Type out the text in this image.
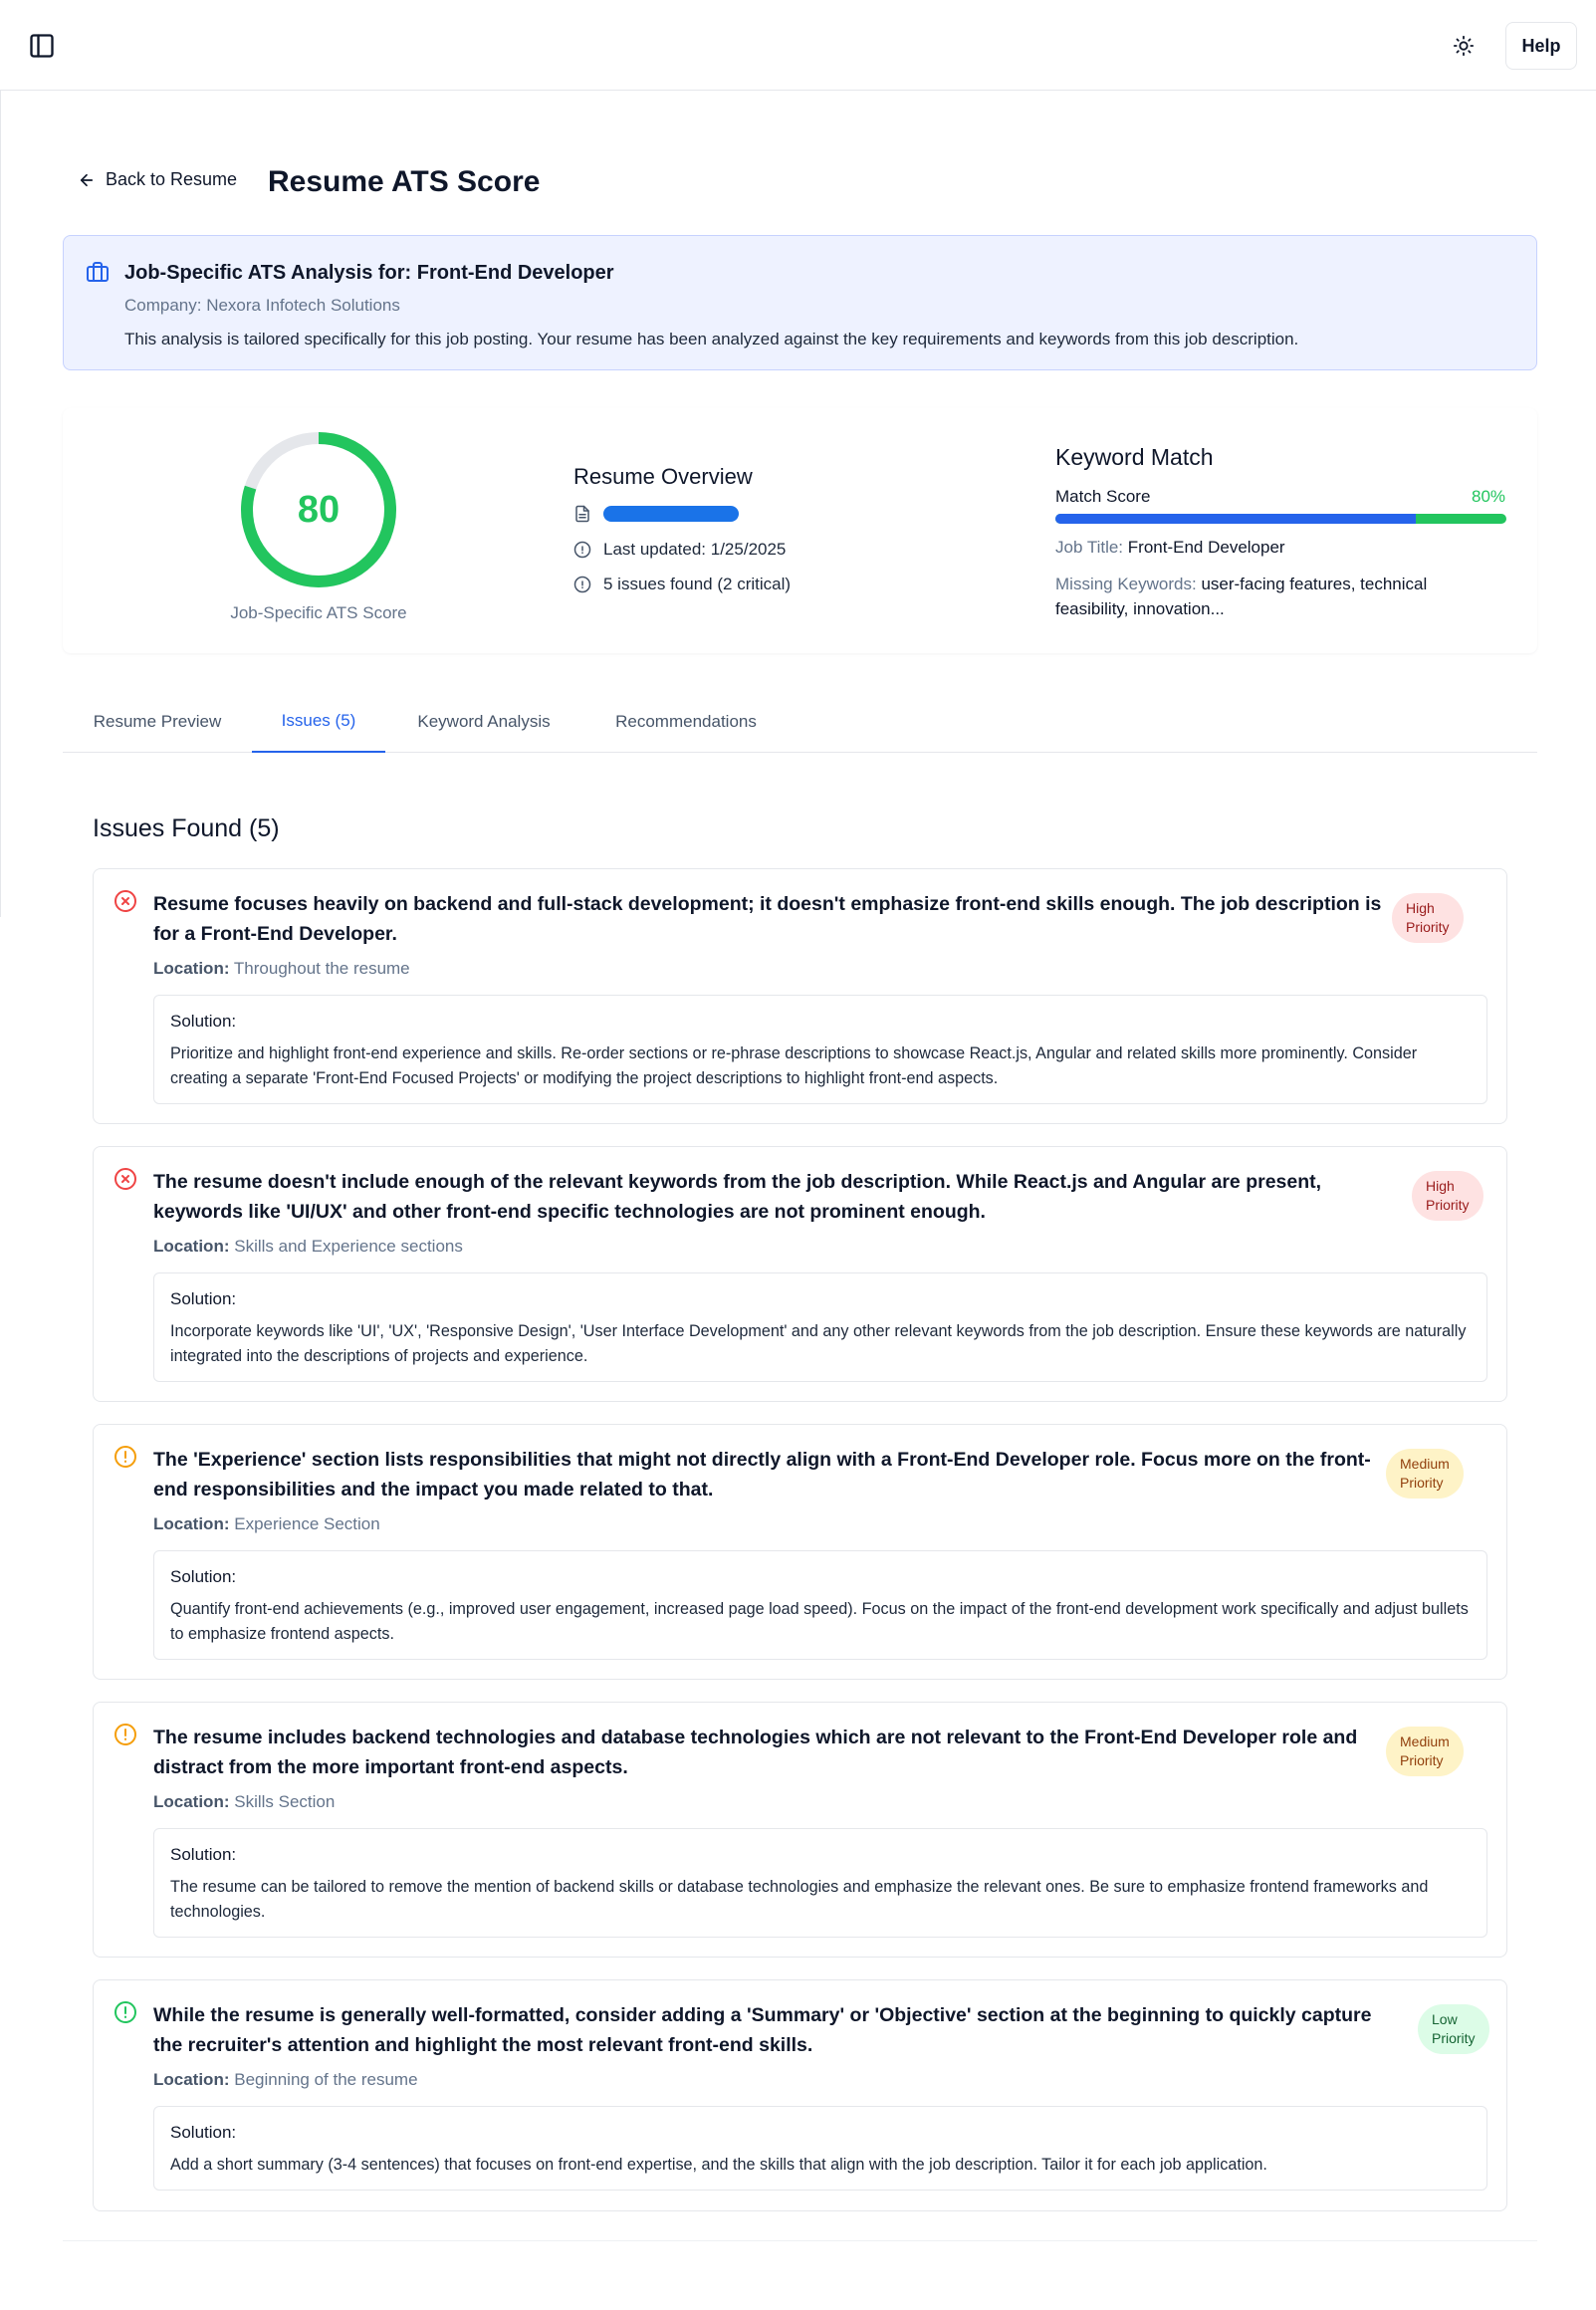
Help
Back to Resume Resume ATS Score
Job-Specific ATS Analysis for: Front-End Developer
Company: Nexora Infotech Solutions
This analysis is tailored specifically for this job posting. Your resume has been analyzed against the key requirements and keywords from this job description.
80
Job-Specific ATS Score
Resume Overview
Last updated: 1/25/2025
5 issues found (2 critical)
Keyword Match
Match Score	80%
Job Title: Front-End Developer
Missing Keywords: user-facing features, technical feasibility, innovation...
Resume Preview	Issues (5)	Keyword Analysis	Recommendations
Issues Found (5)
Resume focuses heavily on backend and full-stack development; it doesn't emphasize front-end skills enough. The job description is for a Front-End Developer.
High
Priority
Location: Throughout the resume
Solution:
Prioritize and highlight front-end experience and skills. Re-order sections or re-phrase descriptions to showcase React.js, Angular and related skills more prominently. Consider creating a separate 'Front-End Focused Projects' or modifying the project descriptions to highlight front-end aspects.
The resume doesn't include enough of the relevant keywords from the job description. While React.js and Angular are present, keywords like 'UI/UX' and other front-end specific technologies are not prominent enough.
High
Priority
Location: Skills and Experience sections
Solution:
Incorporate keywords like 'UI', 'UX', 'Responsive Design', 'User Interface Development' and any other relevant keywords from the job description. Ensure these keywords are naturally integrated into the descriptions of projects and experience.
The 'Experience' section lists responsibilities that might not directly align with a Front-End Developer role. Focus more on the front-end responsibilities and the impact you made related to that.
Medium
Priority
Location: Experience Section
Solution:
Quantify front-end achievements (e.g., improved user engagement, increased page load speed). Focus on the impact of the front-end development work specifically and adjust bullets to emphasize frontend aspects.
The resume includes backend technologies and database technologies which are not relevant to the Front-End Developer role and distract from the more important front-end aspects.
Medium
Priority
Location: Skills Section
Solution:
The resume can be tailored to remove the mention of backend skills or database technologies and emphasize the relevant ones. Be sure to emphasize frontend frameworks and technologies.
While the resume is generally well-formatted, consider adding a 'Summary' or 'Objective' section at the beginning to quickly capture the recruiter's attention and highlight the most relevant front-end skills.
Low
Priority
Location: Beginning of the resume
Solution:
Add a short summary (3-4 sentences) that focuses on front-end expertise, and the skills that align with the job description. Tailor it for each job application.
